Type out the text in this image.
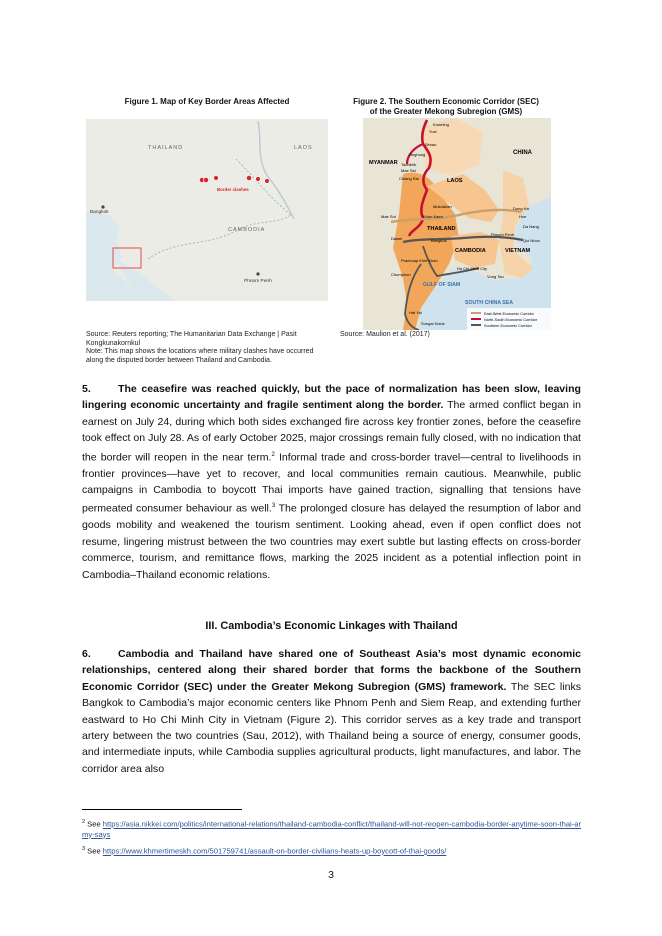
Figure 1. Map of Key Border Areas Affected
THAILAND	LAOS
CAMBODIA
Bangkok
Phnom Penh
Border clashes
Source: Reuters reporting; The Humanitarian Data Exchange | Pasit Kongkunakornkul
Note: This map shows the locations where military clashes have occurred along the disputed border between Thailand and Cambodia.
Figure 2. The Southern Economic Corridor (SEC)
of the Greater Mekong Subregion (GMS)
Kunming
Yuxi
Simao
Jinghong
Tachileik
Mae Sai
Chiang Rai
CHINA
MYANMAR
LAOS
Mukdahan
Mae Sot	Khon Kaen
Dong Ha
Hue
Da Nang
THAILAND
Bangkok
Dawei
Phnom Penh
Qui Nhon
CAMBODIA	VIETNAM
Prachuap Khiri Khan
Chumphon
Ho Chi Minh City
Vung Tau
GULF OF SIAM
SOUTH CHINA SEA
Hat Yai
Sungai Kolok
East-West Economic Corridor
North-South Economic Corridor
Southern Economic Corridor
Source: Maulion et al. (2017)
5.	The ceasefire was reached quickly, but the pace of normalization has been slow, leaving lingering economic uncertainty and fragile sentiment along the border. The armed conflict began in earnest on July 24, during which both sides exchanged fire across key frontier zones, before the ceasefire took effect on July 28. As of early October 2025, major crossings remain fully closed, with no indication that the border will reopen in the near term.$^2$ Informal trade and cross-border travel—central to livelihoods in frontier provinces—have yet to recover, and local communities remain cautious. Meanwhile, public campaigns in Cambodia to boycott Thai imports have gained traction, signalling that tensions have permeated consumer behaviour as well.$^3$ The prolonged closure has delayed the resumption of labor and goods mobility and weakened the tourism sentiment. Looking ahead, even if open conflict does not resume, lingering mistrust between the two countries may exert subtle but lasting effects on cross-border commerce, tourism, and remittance flows, marking the 2025 incident as a potential inflection point in Cambodia–Thailand economic relations.
III. Cambodia’s Economic Linkages with Thailand
6.	Cambodia and Thailand have shared one of Southeast Asia’s most dynamic economic relationships, centered along their shared border that forms the backbone of the Southern Economic Corridor (SEC) under the Greater Mekong Subregion (GMS) framework. The SEC links Bangkok to Cambodia’s major economic centers like Phnom Penh and Siem Reap, and extending further eastward to Ho Chi Minh City in Vietnam (Figure 2). This corridor serves as a key trade and transport artery between the two countries (Sau, 2012), with Thailand being a source of energy, consumer goods, and intermediate inputs, while Cambodia supplies agricultural products, light manufactures, and labor. The corridor area also
$^2$ See https://asia.nikkei.com/politics/international-relations/thailand-cambodia-conflict/thailand-will-not-reopen-cambodia-border-anytime-soon-thai-army-says
$^3$ See https://www.khmertimeskh.com/501759741/assault-on-border-civilians-heats-up-boycott-of-thai-goods/
3
